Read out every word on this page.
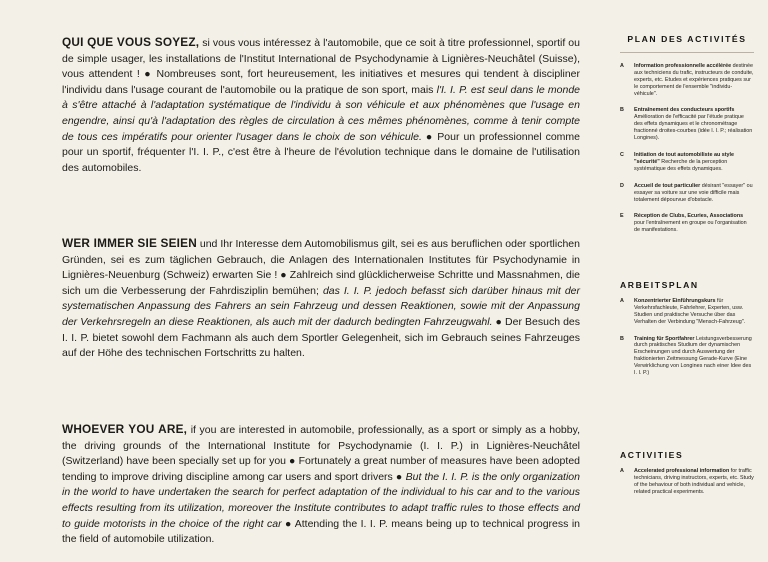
QUI QUE VOUS SOYEZ, si vous vous intéressez à l'automobile, que ce soit à titre professionnel, sportif ou de simple usager, les installations de l'Institut International de Psychodynamie à Lignières-Neuchâtel (Suisse), vous attendent ! ● Nombreuses sont, fort heureusement, les initiatives et mesures qui tendent à discipliner l'individu dans l'usage courant de l'automobile ou la pratique de son sport, mais l'I. I. P. est seul dans le monde à s'être attaché à l'adaptation systématique de l'individu à son véhicule et aux phénomènes que l'usage en engendre, ainsi qu'à l'adaptation des règles de circulation à ces mêmes phénomènes, comme à tenir compte de tous ces impératifs pour orienter l'usager dans le choix de son véhicule. ● Pour un professionnel comme pour un sportif, fréquenter l'I. I. P., c'est être à l'heure de l'évolution technique dans le domaine de l'utilisation des automobiles.
WER IMMER SIE SEIEN und Ihr Interesse dem Automobilismus gilt, sei es aus beruflichen oder sportlichen Gründen, sei es zum täglichen Gebrauch, die Anlagen des Internationalen Institutes für Psychodynamie in Lignières-Neuenburg (Schweiz) erwarten Sie ! ● Zahlreich sind glücklicherweise Schritte und Massnahmen, die sich um die Verbesserung der Fahrdisziplin bemühen; das I. I. P. jedoch befasst sich darüber hinaus mit der systematischen Anpassung des Fahrers an sein Fahrzeug und dessen Reaktionen, sowie mit der Anpassung der Verkehrsregeln an diese Reaktionen, als auch mit der dadurch bedingten Fahrzeugwahl. ● Der Besuch des I. I. P. bietet sowohl dem Fachmann als auch dem Sportler Gelegenheit, sich im Gebrauch seines Fahrzeuges auf der Höhe des technischen Fortschritts zu halten.
WHOEVER YOU ARE, if you are interested in automobile, professionally, as a sport or simply as a hobby, the driving grounds of the International Institute for Psychodynamie (I. I. P.) in Lignières-Neuchâtel (Switzerland) have been specially set up for you ● Fortunately a great number of measures have been adopted tending to improve driving discipline among car users and sport drivers ● But the I. I. P. is the only organization in the world to have undertaken the search for perfect adaptation of the individual to his car and to the various effects resulting from its utilization, moreover the Institute contributes to adapt traffic rules to those effects and to guide motorists in the choice of the right car ● Attending the I. I. P. means being up to technical progress in the field of automobile utilization.
PLAN DES ACTIVITÉS
A Information professionnelle accélérée destinée aux techniciens du trafic, instructeurs de conduite, experts, etc. Etudes et expériences pratiques sur le comportement de l'ensemble "individu-véhicule".
B Entraînement des conducteurs sportifs Amélioration de l'efficacité par l'étude pratique des effets dynamiques et le chronométrage fractionné droites-courbes (idée I. I. P.; réalisation Longines).
C Initiation de tout automobiliste au style "sécurité" Recherche de la perception systématique des effets dynamiques.
D Accueil de tout particulier désirant "essayer" ou essayer sa voiture sur une voie difficile mais totalement dépourvue d'obstacle.
E Réception de Clubs, Ecuries, Associations pour l'entraînement en groupe ou l'organisation de manifestations.
ARBEITSPLAN
A Konzentrierter Einführungskurs für Verkehrsfachleute, Fahrlehrer, Experten, usw. Studien und praktische Versuche über das Verhalten der Verbindung "Mensch-Fahrzeug".
B Training für Sportfahrer Leistungsverbesserung durch praktisches Studium der dynamischen Erscheinungen und durch Auswertung der fraktionierten Zeitmessung Gerade-Kurve (Eine Verwirklichung von Longines nach einer Idee des I. I. P.)
ACTIVITIES
A Accelerated professional information for traffic technicians, driving instructors, experts, etc. Study of the behaviour of both individual and vehicle, related practical experiments.
